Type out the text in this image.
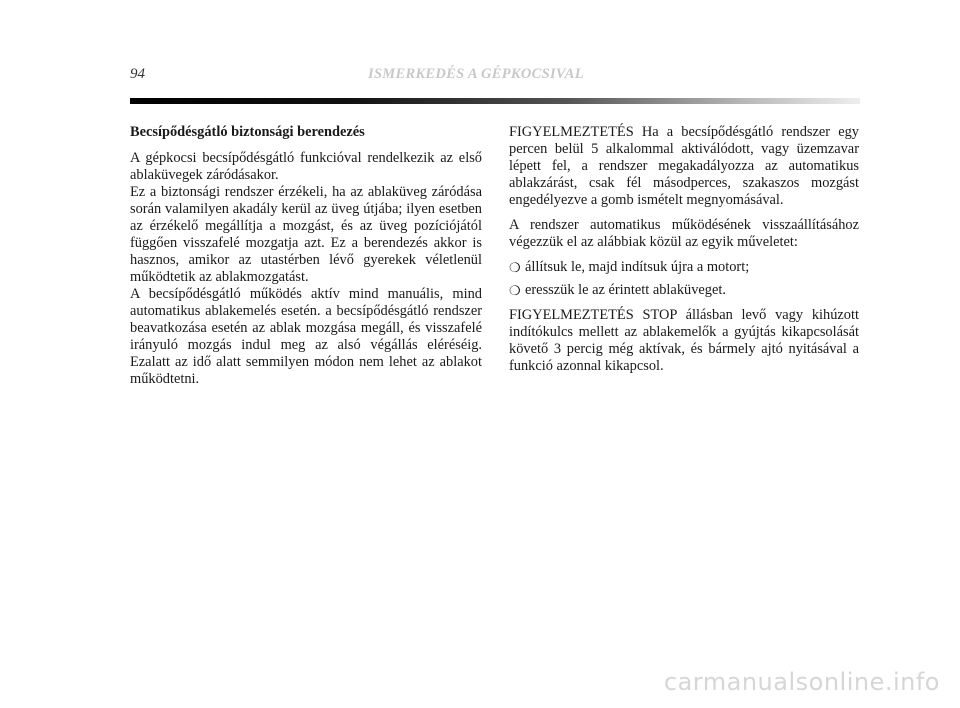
94	ISMERKEDÉS A GÉPKOCSIVAL

Becsípődésgátló biztonsági berendezés

A gépkocsi becsípődésgátló funkcióval rendelkezik az első ablaküvegek záródásakor.

Ez a biztonsági rendszer érzékeli, ha az ablaküveg záródása során valamilyen akadály kerül az üveg útjába; ilyen esetben az érzékelő megállítja a mozgást, és az üveg pozíciójától függően visszafelé mozgatja azt. Ez a berendezés akkor is hasznos, amikor az utastérben lévő gyerekek véletlenül működtetik az ablakmozgatást.

A becsípődésgátló működés aktív mind manuális, mind automatikus ablakemelés esetén. a becsípődésgátló rendszer beavatkozása esetén az ablak mozgása megáll, és visszafelé irányuló mozgás indul meg az alsó végállás eléréséig. Ezalatt az idő alatt semmilyen módon nem lehet az ablakot működtetni.

FIGYELMEZTETÉS Ha a becsípődésgátló rendszer egy percen belül 5 alkalommal aktiválódott, vagy üzemzavar lépett fel, a rendszer megakadályozza az automatikus ablakzárást, csak fél másodperces, szakaszos mozgást engedélyezve a gomb ismételt megnyomásával.

A rendszer automatikus működésének visszaállításához végezzük el az alábbiak közül az egyik műveletet:

❍ állítsuk le, majd indítsuk újra a motort;
❍ eresszük le az érintett ablaküveget.

FIGYELMEZTETÉS STOP állásban levő vagy kihúzott indítókulcs mellett az ablakemelők a gyújtás kikapcsolását követő 3 percig még aktívak, és bármely ajtó nyitásával a funkció azonnal kikapcsol.

carmanualsonline.info
